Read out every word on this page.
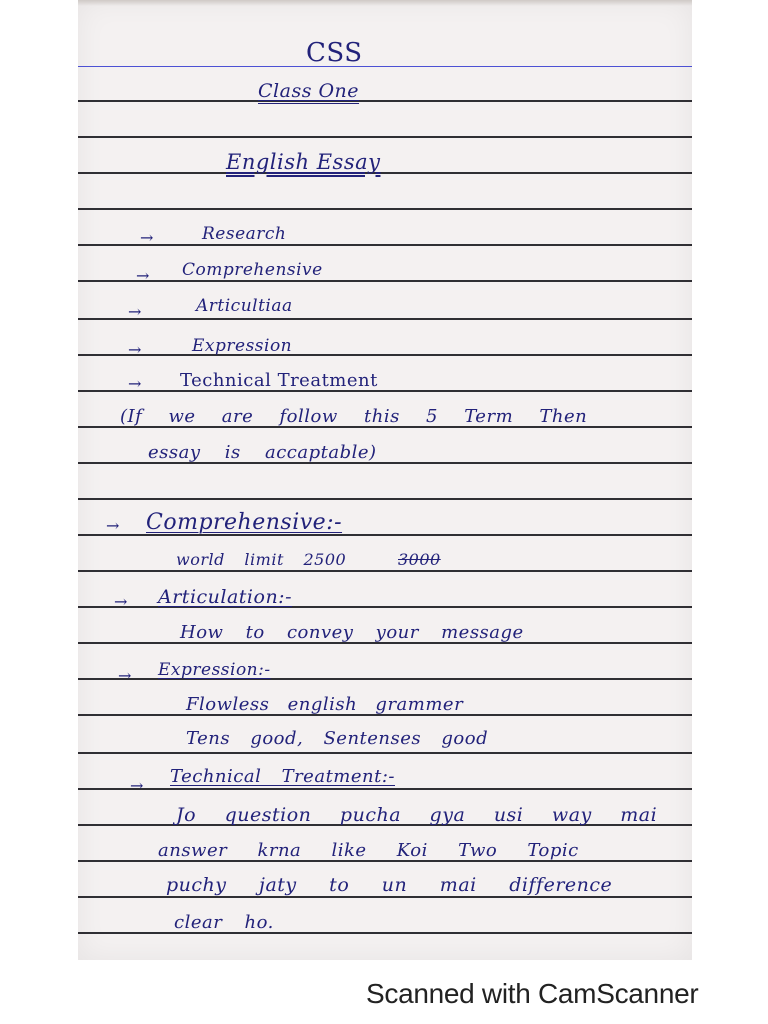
CSS
Class One
English Essay
→	Research
→ Comprehensive
→	Articultiaa
→	Expression
→ Technical Treatment
(If we are follow this 5 Term Then
essay is accaptable)
→ Comprehensive:-
world limit 2500	3000
→ Articulation:-
How to convey your message
→ Expression:-
Flowless english grammer
Tens good, Sentenses good
→ Technical Treatment:-
Jo question pucha gya usi way mai
answer krna like Koi Two Topic
puchy jaty to un mai difference
clear ho.
Scanned with CamScanner
